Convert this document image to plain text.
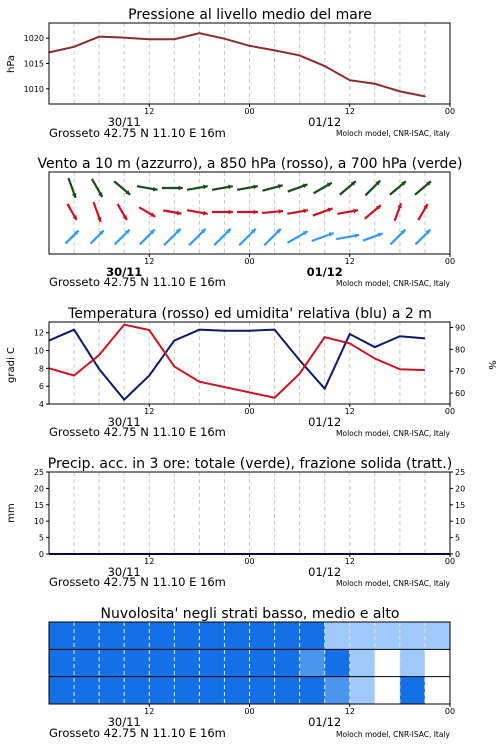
12	00	12	00
30/11	01/12
12	00	12	00
30/11	01/12
12	00	12	00
30/11	01/12
12	00	12	00
30/11	01/12
12	00	12	00
30/11	01/12
1010
1015
1020
4
6
8
10
12
60
70
80
90
0	0
5	5
10	10
15	15
20	20
25	25
Pressione al livello medio del mare
Vento a 10 m (azzurro), a 850 hPa (rosso), a 700 hPa (verde)
Temperatura (rosso) ed umidita' relativa (blu) a 2 m
Precip. acc. in 3 ore: totale (verde), frazione solida (tratt.)
Nuvolosita' negli strati basso, medio e alto
hPa
gradi C	%
mm
Grosseto 42.75 N 11.10 E 16m	Moloch model, CNR-ISAC, Italy
Grosseto 42.75 N 11.10 E 16m	Moloch model, CNR-ISAC, Italy
Grosseto 42.75 N 11.10 E 16m	Moloch model, CNR-ISAC, Italy
Grosseto 42.75 N 11.10 E 16m	Moloch model, CNR-ISAC, Italy
Grosseto 42.75 N 11.10 E 16m	Moloch model, CNR-ISAC, Italy
